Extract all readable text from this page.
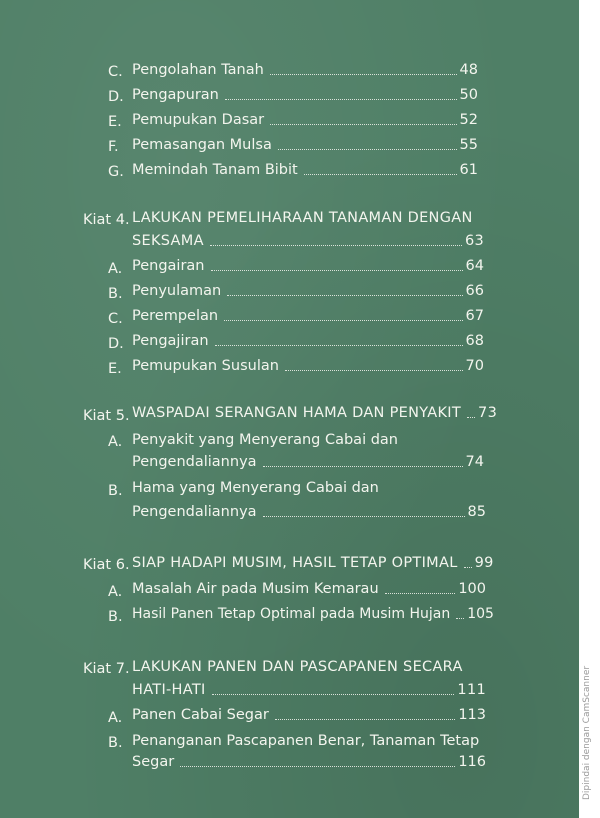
C. Pengolahan Tanah	48
D. Pengapuran	50
E. Pemupukan Dasar	52
F. Pemasangan Mulsa	55
G. Memindah Tanam Bibit	61
Kiat 4. LAKUKAN PEMELIHARAAN TANAMAN DENGAN
SEKSAMA	63
A. Pengairan	64
B. Penyulaman	66
C. Perempelan	67
D. Pengajiran	68
E. Pemupukan Susulan	70
Kiat 5. WASPADAI SERANGAN HAMA DAN PENYAKIT 73
A. Penyakit yang Menyerang Cabai dan
Pengendaliannya	74
B. Hama yang Menyerang Cabai dan
Pengendaliannya	85
Kiat 6. SIAP HADAPI MUSIM, HASIL TETAP OPTIMAL 99
A. Masalah Air pada Musim Kemarau	100
B. Hasil Panen Tetap Optimal pada Musim Hujan 105
Kiat 7. LAKUKAN PANEN DAN PASCAPANEN SECARA
HATI-HATI	111
A. Panen Cabai Segar	113
B. Penanganan Pascapanen Benar, Tanaman Tetap
Segar	116	Dipindai dengan CamScanner
